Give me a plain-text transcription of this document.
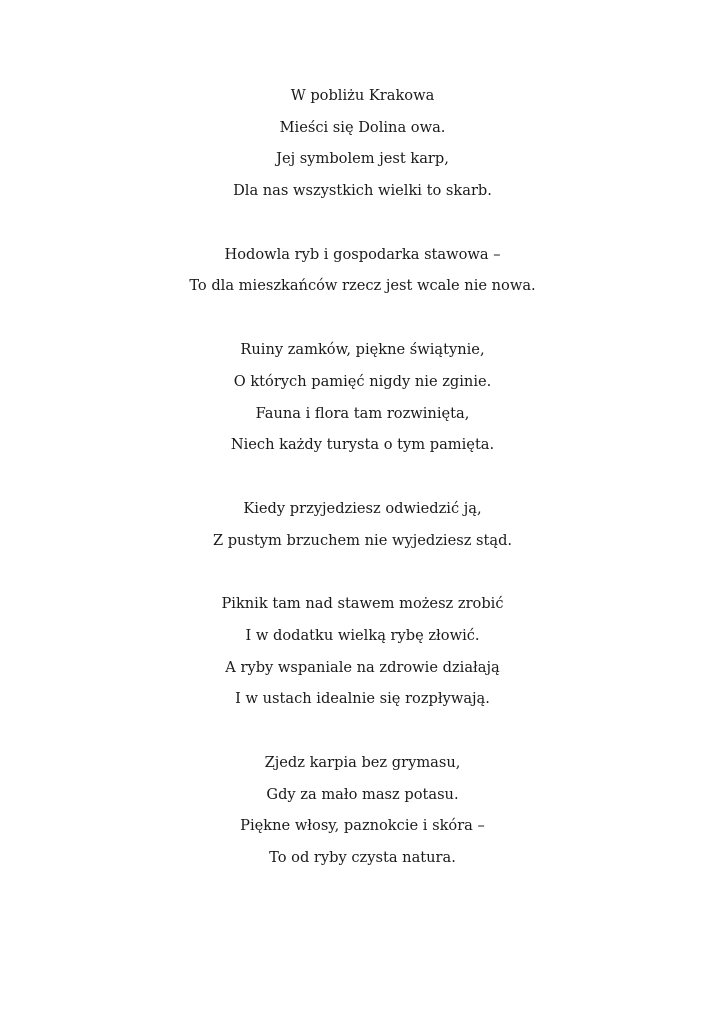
W pobliżu Krakowa
Mieści się Dolina owa.
Jej symbolem jest karp,
Dla nas wszystkich wielki to skarb.
Hodowla ryb i gospodarka stawowa –
To dla mieszkańców rzecz jest wcale nie nowa.
Ruiny zamków, piękne świątynie,
O których pamięć nigdy nie zginie.
Fauna i flora tam rozwinięta,
Niech każdy turysta o tym pamięta.
Kiedy przyjedziesz odwiedzić ją,
Z pustym brzuchem nie wyjedziesz stąd.
Piknik tam nad stawem możesz zrobić
I w dodatku wielką rybę złowić.
A ryby wspaniale na zdrowie działają
I w ustach idealnie się rozpływają.
Zjedz karpia bez grymasu,
Gdy za mało masz potasu.
Piękne włosy, paznokcie i skóra –
To od ryby czysta natura.
